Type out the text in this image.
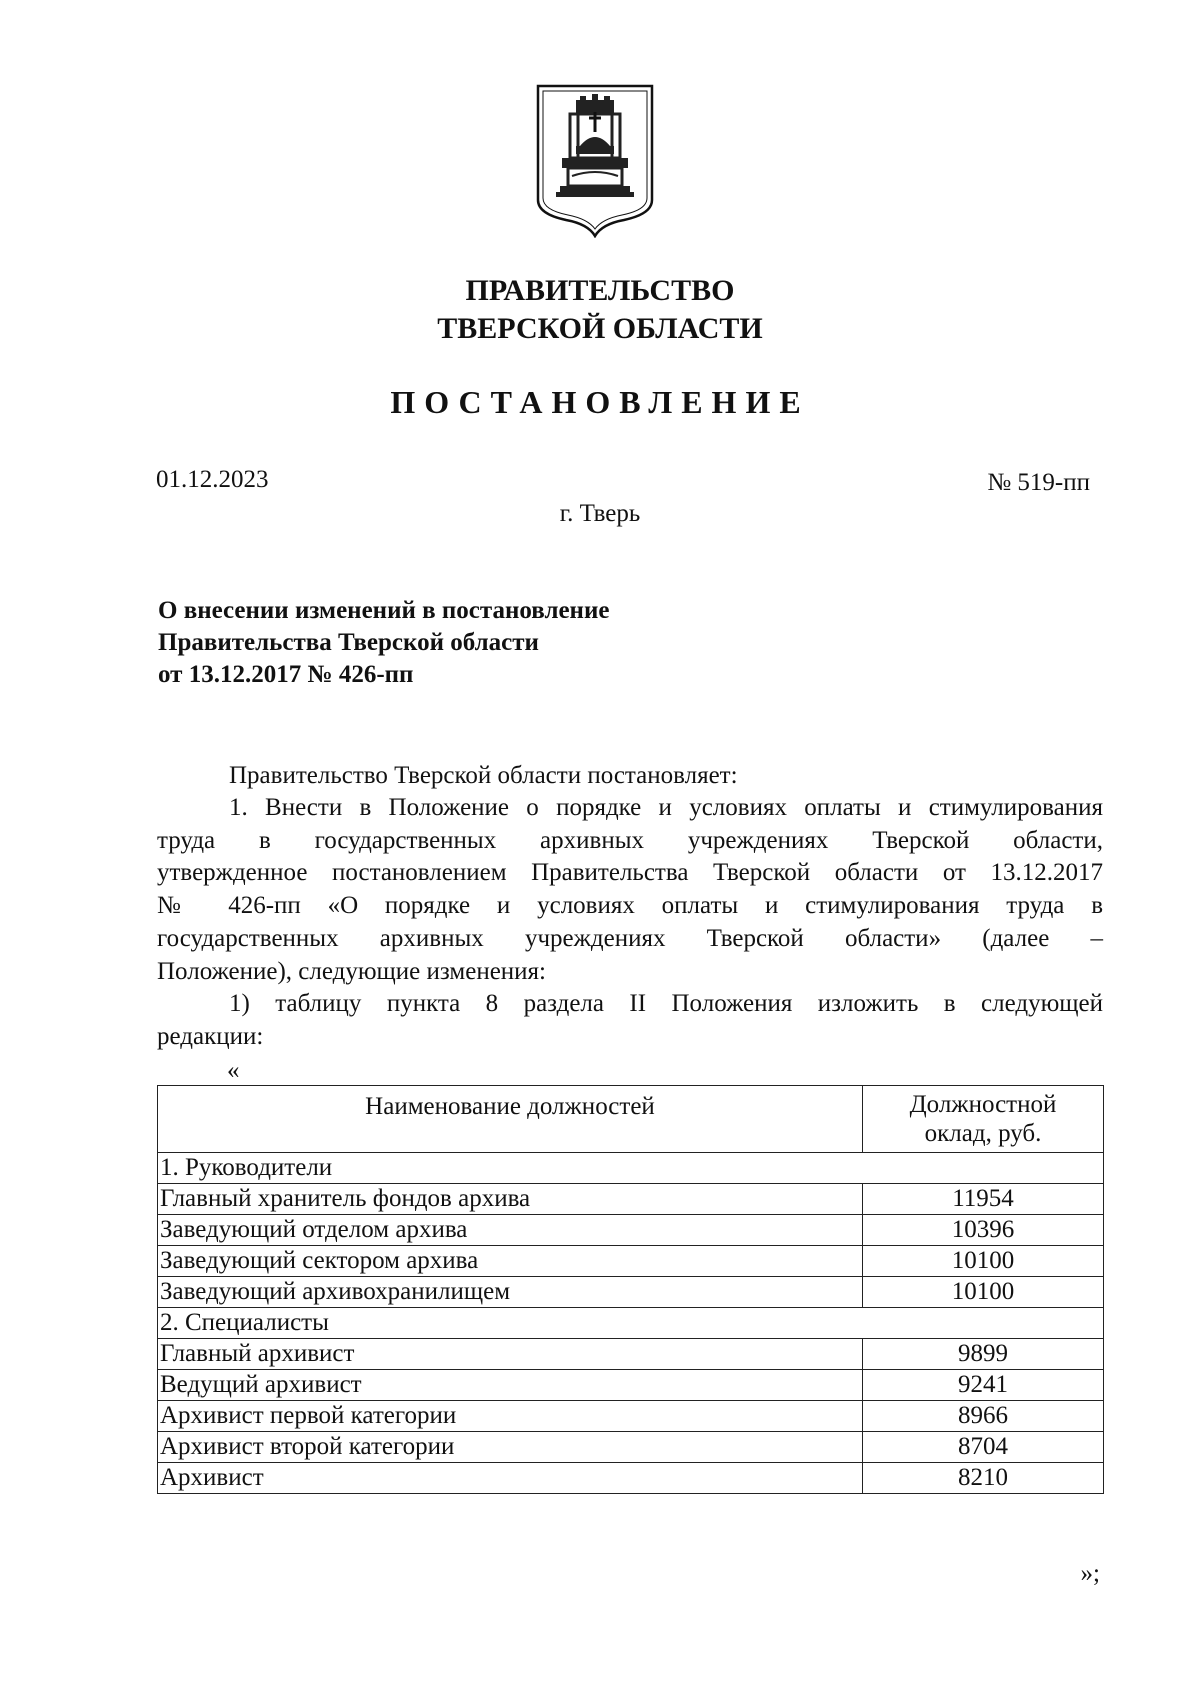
ПРАВИТЕЛЬСТВО
ТВЕРСКОЙ ОБЛАСТИ
ПОСТАНОВЛЕНИЕ
01.12.2023	№ 519-пп
г. Тверь
О внесении изменений в постановление
Правительства Тверской области
от 13.12.2017 № 426-пп
Правительство Тверской области постановляет:
1. Внести в Положение о порядке и условиях оплаты и стимулирования
труда в государственных архивных учреждениях Тверской области,
утвержденное постановлением Правительства Тверской области от 13.12.2017
№ 426-пп «О порядке и условиях оплаты и стимулирования труда в
государственных архивных учреждениях Тверской области» (далее –
Положение), следующие изменения:
1) таблицу пункта 8 раздела II Положения изложить в следующей
редакции:
«
Наименование должностей	Должностной
оклад, руб.
1. Руководители	
Главный хранитель фондов архива	11954
Заведующий отделом архива	10396
Заведующий сектором архива	10100
Заведующий архивохранилищем	10100
2. Специалисты	
Главный архивист	9899
Ведущий архивист	9241
Архивист первой категории	8966
Архивист второй категории	8704
Архивист	8210
»;
